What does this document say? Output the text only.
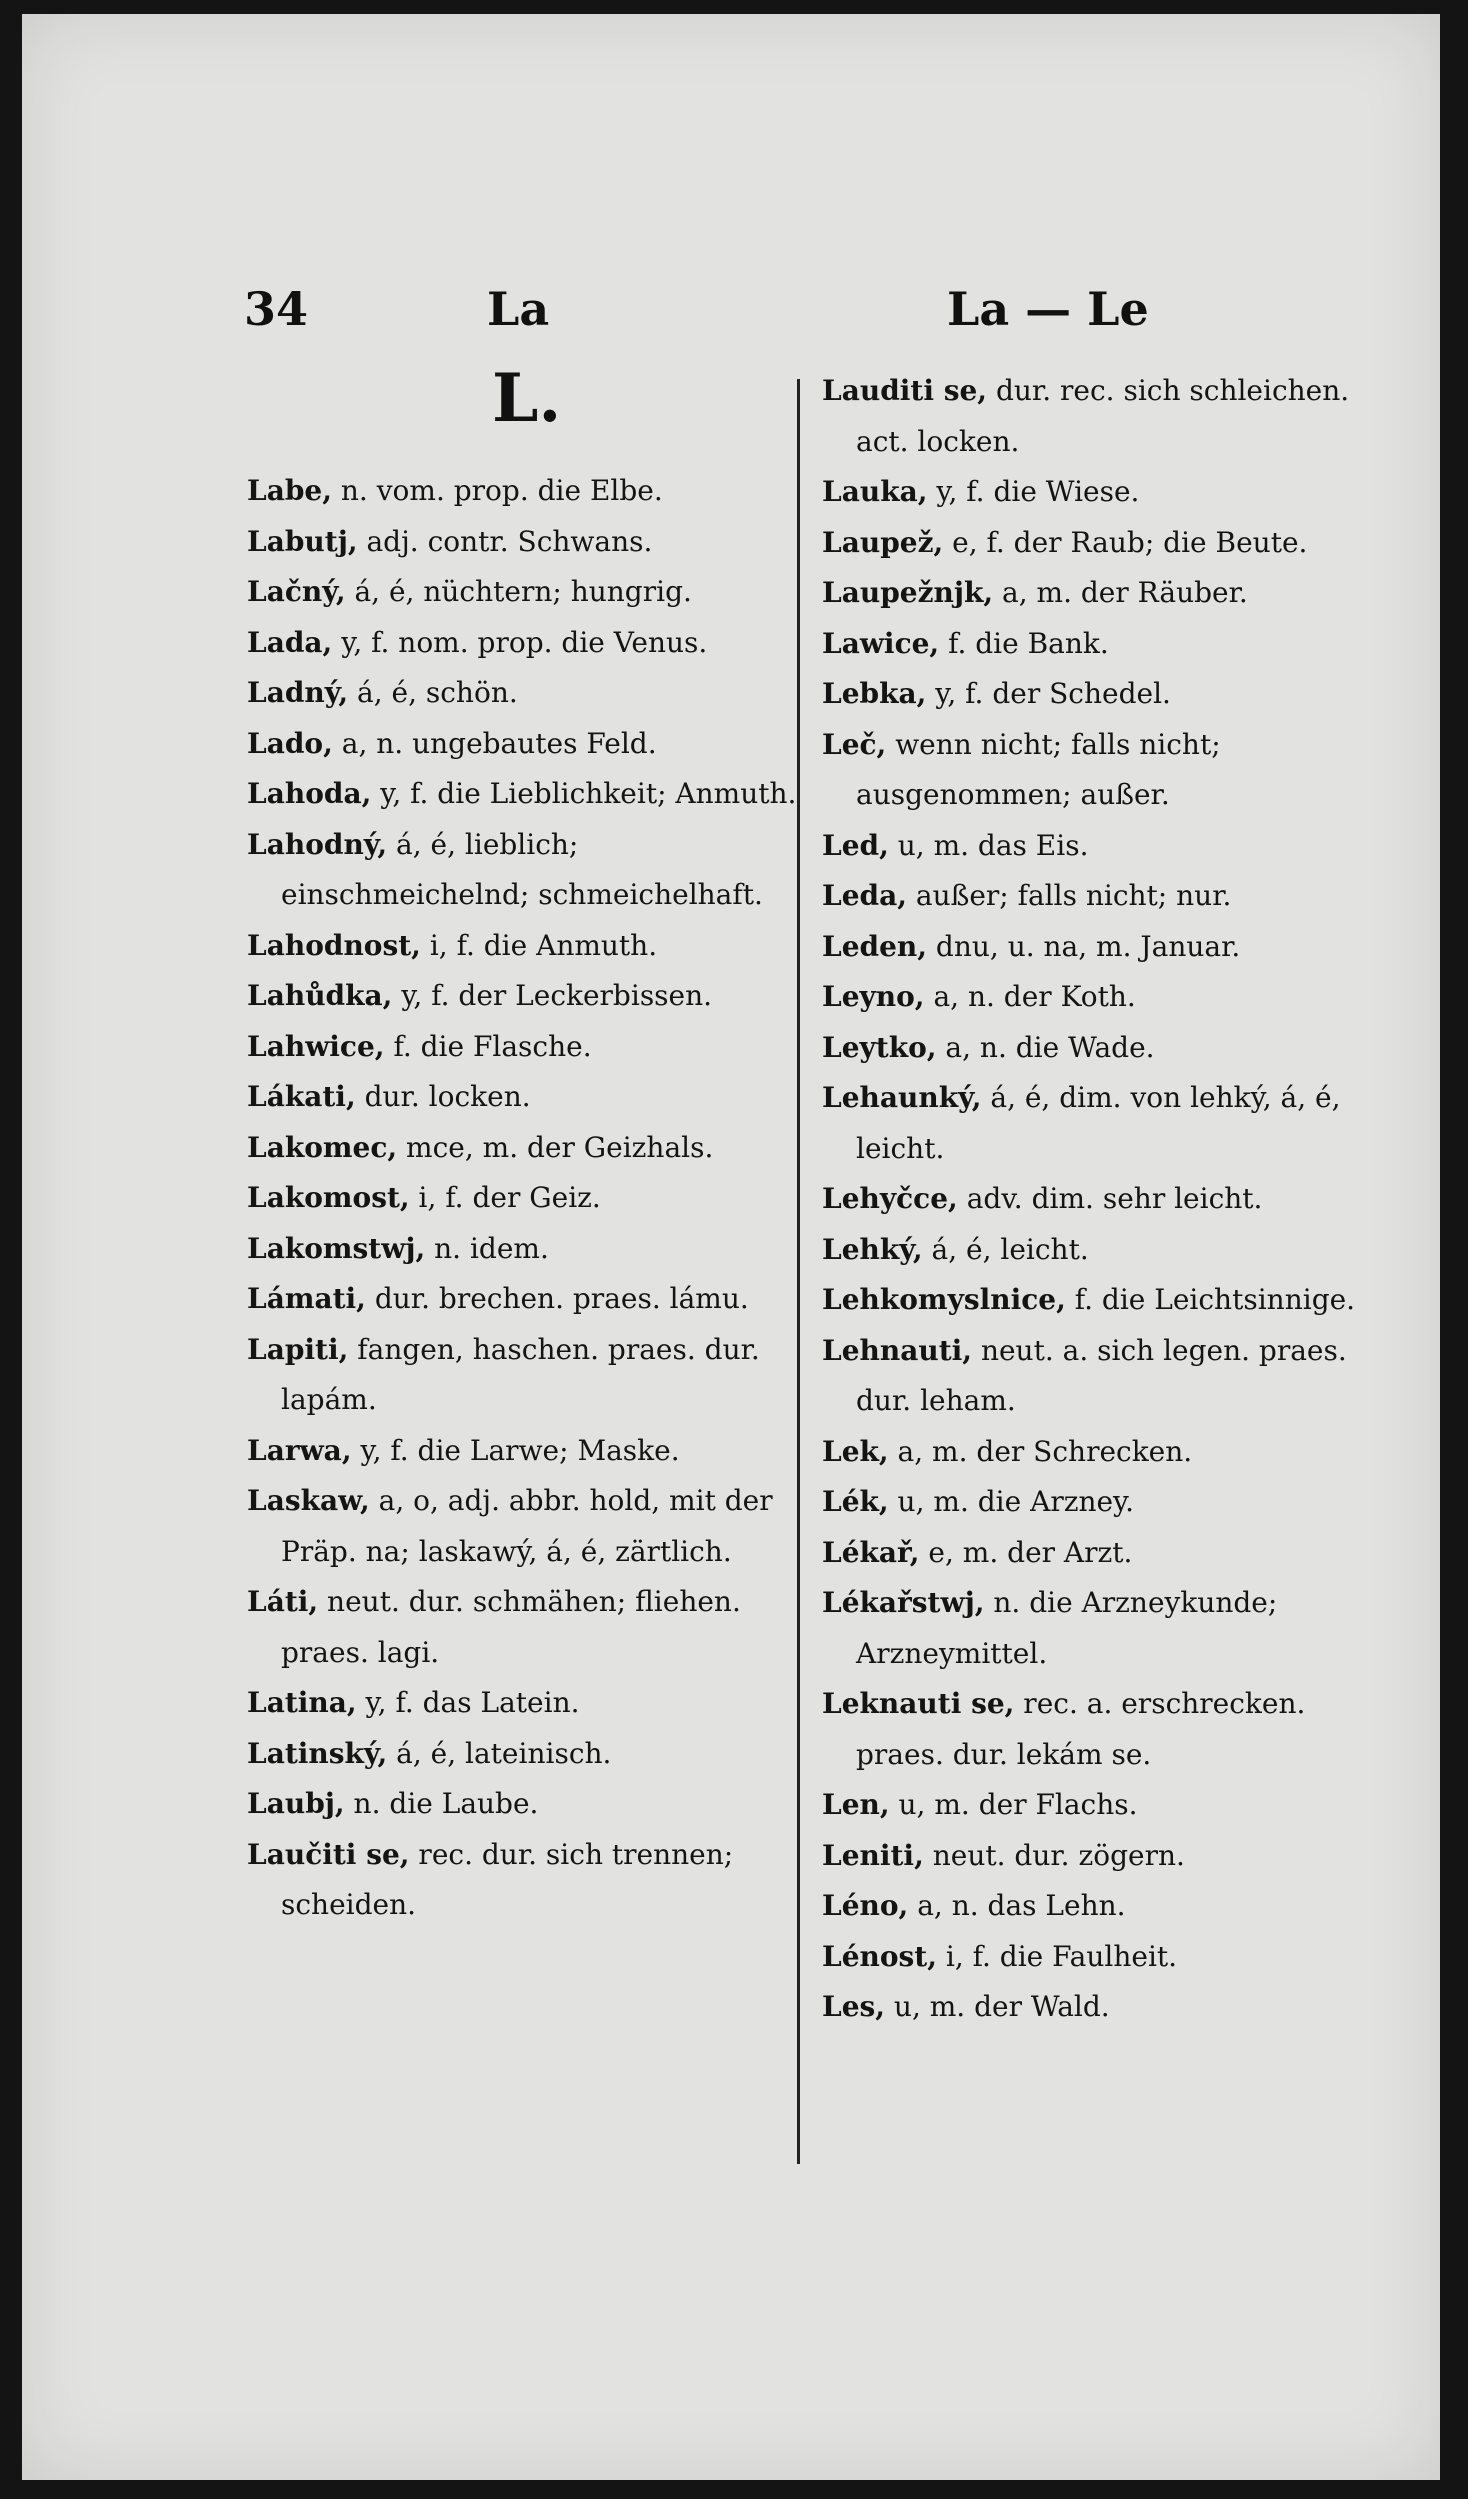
34	La	La — Le
L.

Labe, n. vom. prop. die Elbe.

Labutj, adj. contr. Schwans.

Lačný, á, é, nüchtern; hungrig.

Lada, y, f. nom. prop. die Venus.

Ladný, á, é, schön.

Lado, a, n. ungebautes Feld.

Lahoda, y, f. die Lieblichkeit; Anmuth.

Lahodný, á, é, lieblich; einschmeichelnd; schmeichelhaft.

Lahodnost, i, f. die Anmuth.

Lahůdka, y, f. der Leckerbissen.

Lahwice, f. die Flasche.

Lákati, dur. locken.

Lakomec, mce, m. der Geizhals.

Lakomost, i, f. der Geiz.

Lakomstwj, n. idem.

Lámati, dur. brechen. praes. lámu.

Lapiti, fangen, haschen. praes. dur. lapám.

Larwa, y, f. die Larwe; Maske.

Laskaw, a, o, adj. abbr. hold, mit der Präp. na; laskawý, á, é, zärtlich.

Láti, neut. dur. schmähen; fliehen. praes. lagi.

Latina, y, f. das Latein.

Latinský, á, é, lateinisch.

Laubj, n. die Laube.

Laučiti se, rec. dur. sich trennen; scheiden.

Lauditi se, dur. rec. sich schleichen. act. locken.

Lauka, y, f. die Wiese.

Laupež, e, f. der Raub; die Beute.

Laupežnjk, a, m. der Räuber.

Lawice, f. die Bank.

Lebka, y, f. der Schedel.

Leč, wenn nicht; falls nicht; ausgenommen; außer.

Led, u, m. das Eis.

Leda, außer; falls nicht; nur.

Leden, dnu, u. na, m. Januar.

Leyno, a, n. der Koth.

Leytko, a, n. die Wade.

Lehaunký, á, é, dim. von lehký, á, é, leicht.

Lehyčce, adv. dim. sehr leicht.

Lehký, á, é, leicht.

Lehkomyslnice, f. die Leichtsinnige.

Lehnauti, neut. a. sich legen. praes. dur. leham.

Lek, a, m. der Schrecken.

Lék, u, m. die Arzney.

Lékař, e, m. der Arzt.

Lékařstwj, n. die Arzneykunde; Arzneymittel.

Leknauti se, rec. a. erschrecken. praes. dur. lekám se.

Len, u, m. der Flachs.

Leniti, neut. dur. zögern.

Léno, a, n. das Lehn.

Lénost, i, f. die Faulheit.

Les, u, m. der Wald.
